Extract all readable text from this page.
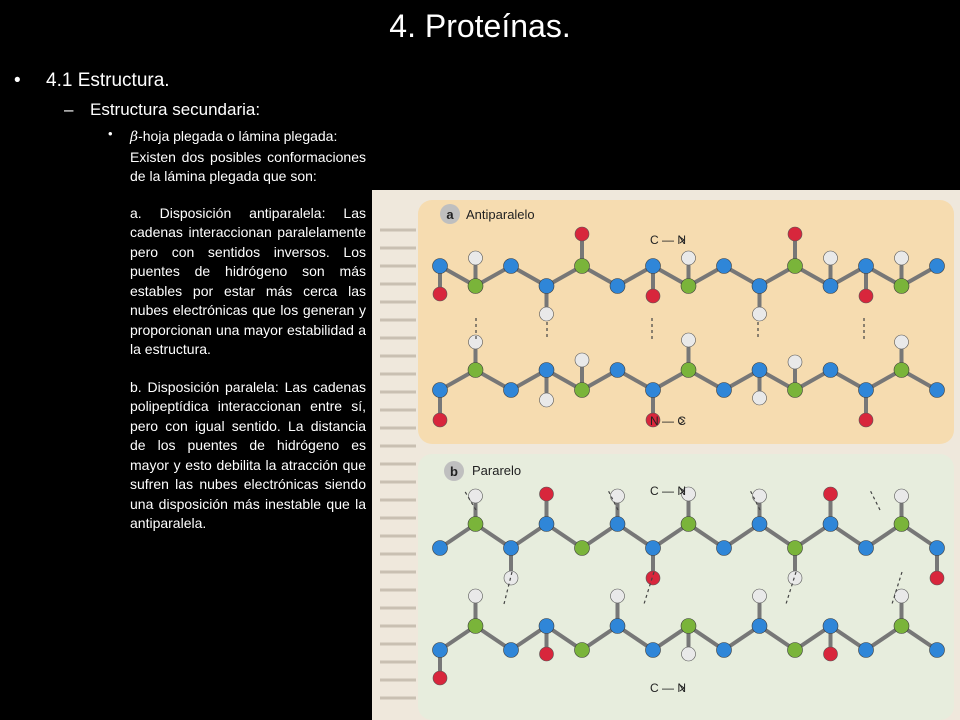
4. Proteínas.
• 4.1 Estructura.
– Estructura secundaria:
• β-hoja plegada o lámina plegada:

Existen dos posibles conformaciones de la lámina plegada que son:

a. Disposición antiparalela: Las cadenas interaccionan paralelamente pero con sentidos inversos. Los puentes de hidrógeno son más estables por estar más cerca las nubes electrónicas que los generan y proporcionan una mayor estabilidad a la estructura.

b. Disposición paralela: Las cadenas polipeptídica interaccionan entre sí, pero con igual sentido. La distancia de los puentes de hidrógeno es mayor y esto debilita la atracción que sufren las nubes electrónicas siendo una disposición más inestable que la antiparalela.

a Antiparalelo
C — N
N — C
b Pararelo
C — N
C — N
